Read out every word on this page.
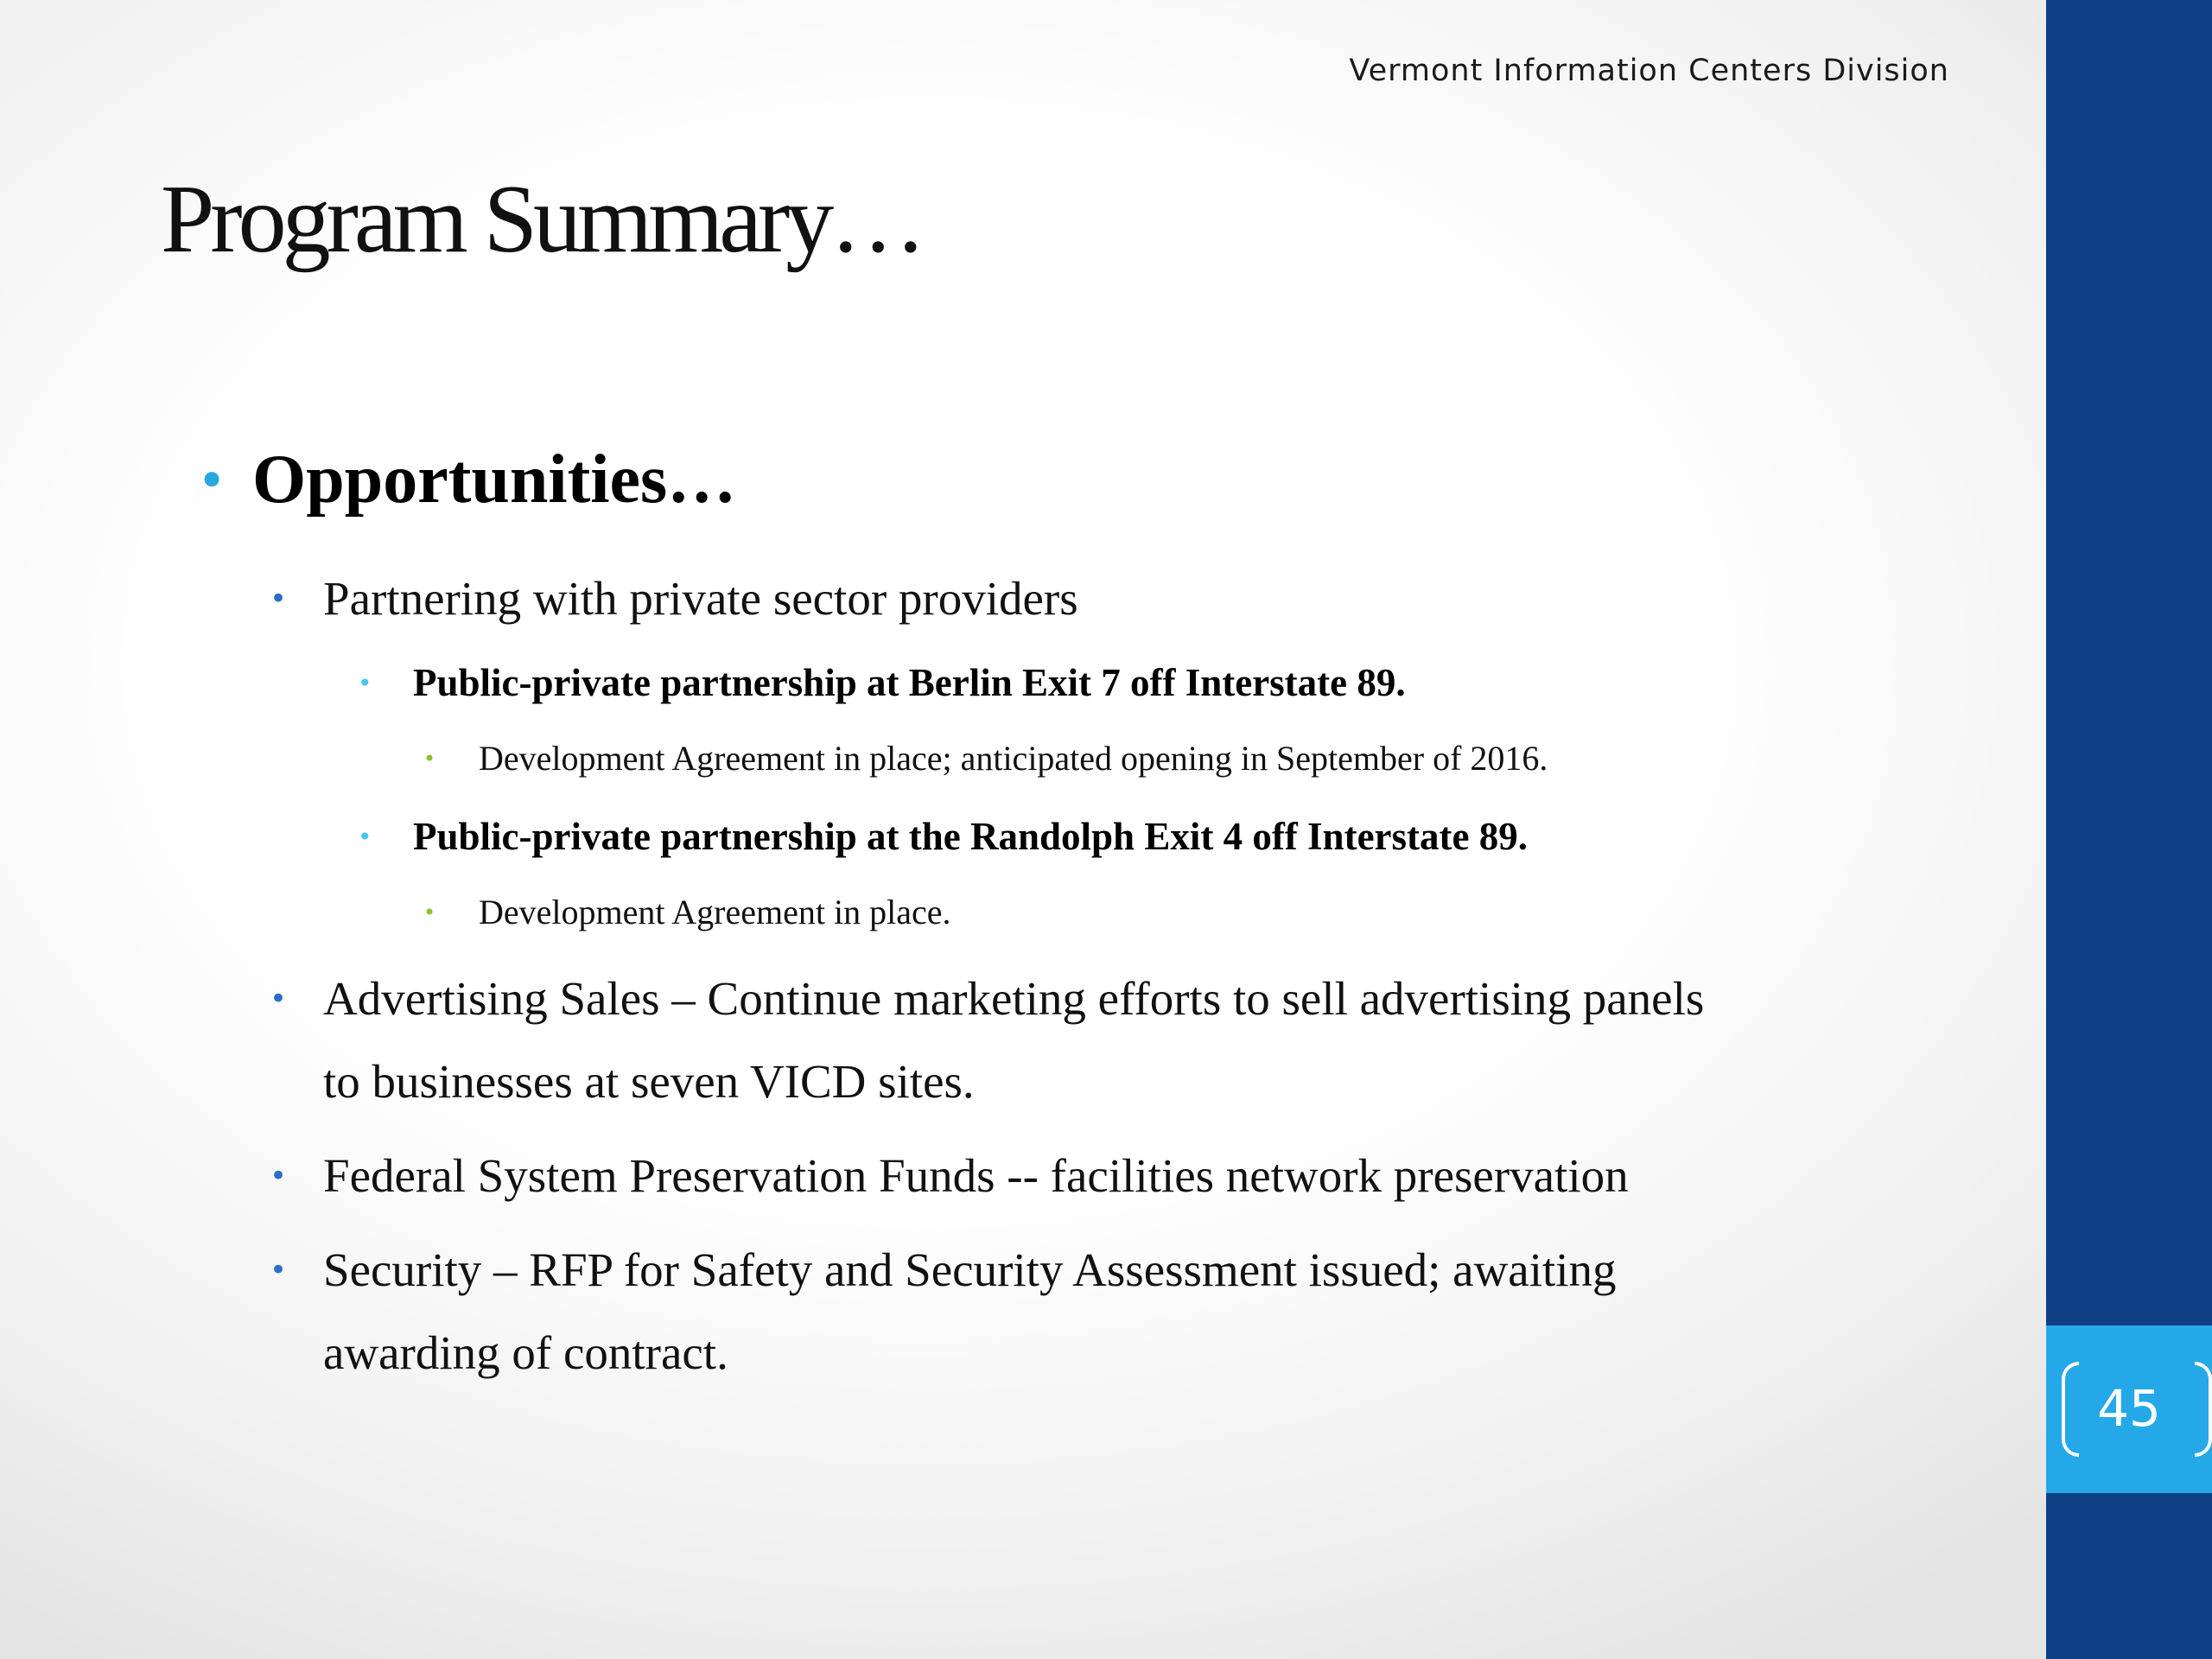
Vermont Information Centers Division
Program Summary…
45
• Opportunities…
• Partnering with private sector providers
• Public-private partnership at Berlin Exit 7 off Interstate 89.
• Development Agreement in place; anticipated opening in September of 2016.
• Public-private partnership at the Randolph Exit 4 off Interstate 89.
• Development Agreement in place.
• Advertising Sales – Continue marketing efforts to sell advertising panels
to businesses at seven VICD sites.
• Federal System Preservation Funds -- facilities network preservation
• Security – RFP for Safety and Security Assessment issued; awaiting
awarding of contract.
